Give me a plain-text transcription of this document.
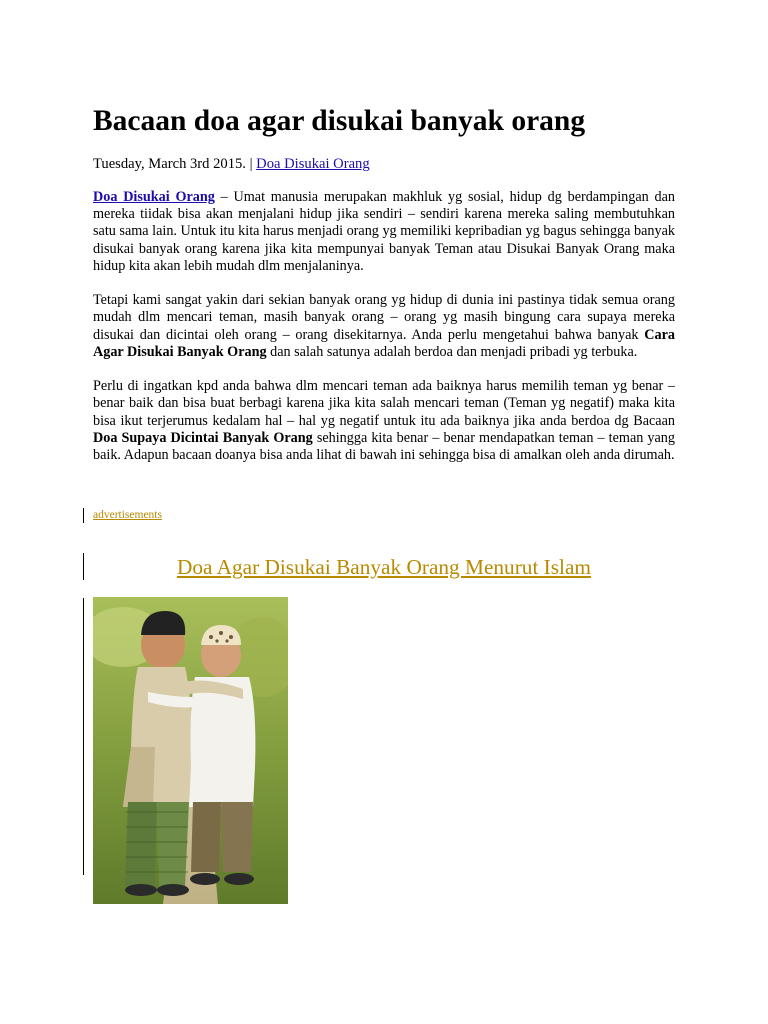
Bacaan doa agar disukai banyak orang
Tuesday, March 3rd 2015. | Doa Disukai Orang

Doa Disukai Orang – Umat manusia merupakan makhluk yg sosial, hidup dg berdampingan dan mereka tiidak bisa akan menjalani hidup jika sendiri – sendiri karena mereka saling membutuhkan satu sama lain. Untuk itu kita harus menjadi orang yg memiliki kepribadian yg bagus sehingga banyak disukai banyak orang karena jika kita mempunyai banyak Teman atau Disukai Banyak Orang maka hidup kita akan lebih mudah dlm menjalaninya.

Tetapi kami sangat yakin dari sekian banyak orang yg hidup di dunia ini pastinya tidak semua orang mudah dlm mencari teman, masih banyak orang – orang yg masih bingung cara supaya mereka disukai dan dicintai oleh orang – orang disekitarnya. Anda perlu mengetahui bahwa banyak Cara Agar Disukai Banyak Orang dan salah satunya adalah berdoa dan menjadi pribadi yg terbuka.

Perlu di ingatkan kpd anda bahwa dlm mencari teman ada baiknya harus memilih teman yg benar – benar baik dan bisa buat berbagi karena jika kita salah mencari teman (Teman yg negatif) maka kita bisa ikut terjerumus kedalam hal – hal yg negatif untuk itu ada baiknya jika anda berdoa dg Bacaan Doa Supaya Dicintai Banyak Orang sehingga kita benar – benar mendapatkan teman – teman yang baik. Adapun bacaan doanya bisa anda lihat di bawah ini sehingga bisa di amalkan oleh anda dirumah.

advertisements
Doa Agar Disukai Banyak Orang Menurut Islam
